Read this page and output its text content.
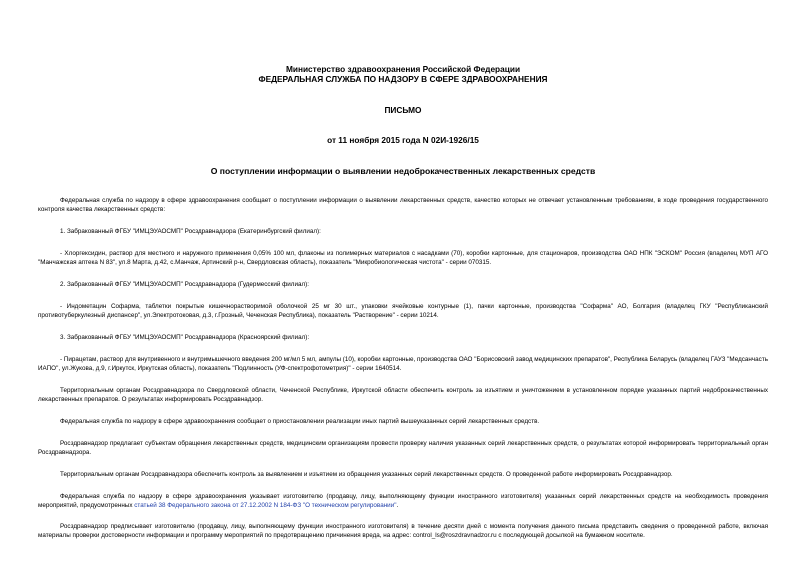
Министерство здравоохранения Российской Федерации
ФЕДЕРАЛЬНАЯ СЛУЖБА ПО НАДЗОРУ В СФЕРЕ ЗДРАВООХРАНЕНИЯ
ПИСЬМО
от 11 ноября 2015 года N 02И-1926/15
О поступлении информации о выявлении недоброкачественных лекарственных средств

Федеральная служба по надзору в сфере здравоохранения сообщает о поступлении информации о выявлении лекарственных средств, качество которых не отвечает установленным требованиям, в ходе проведения государственного контроля качества лекарственных средств:

1. Забракованный ФГБУ "ИМЦЭУАОСМП" Росздравнадзора (Екатеринбургский филиал):

- Хлоргексидин, раствор для местного и наружного применения 0,05% 100 мл, флаконы из полимерных материалов с насадками (70), коробки картонные, для стационаров, производства ОАО НПК "ЭСКОМ" Россия (владелец МУП АГО "Манчажская аптека N 83", ул.8 Марта, д.42, с.Манчаж, Артинский р-н, Свердловская область), показатель "Микробиологическая чистота" - серии 070315.

2. Забракованный ФГБУ "ИМЦЭУАОСМП" Росздравнадзора (Гудермесский филиал):

- Индометацин Софарма, таблетки покрытые кишечнорастворимой оболочкой 25 мг 30 шт., упаковки ячейковые контурные (1), пачки картонные, производства "Софарма" АО, Болгария (владелец ГКУ "Республиканский противотуберкулезный диспансер", ул.Электротоковая, д.3, г.Грозный, Чеченская Республика), показатель "Растворение" - серии 10214.

3. Забракованный ФГБУ "ИМЦЭУАОСМП" Росздравнадзора (Красноярский филиал):

- Пирацетам, раствор для внутривенного и внутримышечного введения 200 мг/мл 5 мл, ампулы (10), коробки картонные, производства ОАО "Борисовский завод медицинских препаратов", Республика Беларусь (владелец ГАУЗ "Медсанчасть ИАПО", ул.Жукова, д.9, г.Иркутск, Иркутская область), показатель "Подлинность (УФ-спектрофотометрия)" - серии 1640514.

Территориальным органам Росздравнадзора по Свердловской области, Чеченской Республике, Иркутской области обеспечить контроль за изъятием и уничтожением в установленном порядке указанных партий недоброкачественных лекарственных препаратов. О результатах информировать Росздравнадзор.

Федеральная служба по надзору в сфере здравоохранения сообщает о приостановлении реализации иных партий вышеуказанных серий лекарственных средств.

Росздравнадзор предлагает субъектам обращения лекарственных средств, медицинским организациям провести проверку наличия указанных серий лекарственных средств, о результатах которой информировать территориальный орган Росздравнадзора.

Территориальным органам Росздравнадзора обеспечить контроль за выявлением и изъятием из обращения указанных серий лекарственных средств. О проведенной работе информировать Росздравнадзор.

Федеральная служба по надзору в сфере здравоохранения указывает изготовителю (продавцу, лицу, выполняющему функции иностранного изготовителя) указанных серий лекарственных средств на необходимость проведения мероприятий, предусмотренных статьей 38 Федерального закона от 27.12.2002 N 184-ФЗ "О техническом регулировании".

Росздравнадзор предписывает изготовителю (продавцу, лицу, выполняющему функции иностранного изготовителя) в течение десяти дней с момента получения данного письма представить сведения о проведенной работе, включая материалы проверки достоверности информации и программу мероприятий по предотвращению причинения вреда, на адрес: control_ls@roszdravnadzor.ru с последующей досылкой на бумажном носителе.
